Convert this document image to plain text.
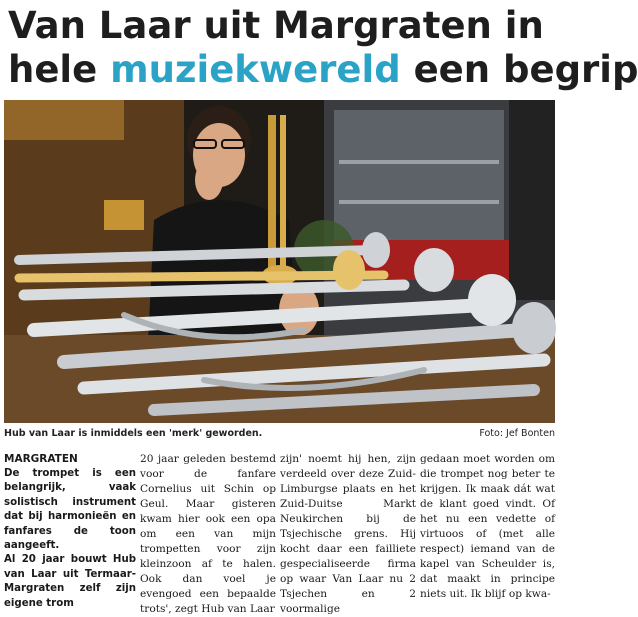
Van Laar uit Margraten in
hele muziekwereld een begrip
Hub van Laar is inmiddels een 'merk' geworden.	Foto: Jef Bonten

MARGRATEN

De trompet is een belangrijk, vaak solistisch instrument dat bij harmonieën en fanfares de toon aangeeft.

Al 20 jaar bouwt Hub van Laar uit Termaar-Margraten zelf zijn eigene trom

20 jaar geleden bestemd voor de fanfare Cornelius uit Schin op Geul. Maar gisteren kwam hier ook een opa om een van mijn trompetten voor zijn kleinzoon af te halen. Ook dan voel je evengoed een bepaalde trots', zegt Hub van Laar

zijn' noemt hij hen, zijn verdeeld over deze Zuid-Limburgse plaats en het Zuid-Duitse Markt Neukirchen bij de Tsjechische grens. Hij kocht daar een failliete gespecialiseerde firma op waar Van Laar nu 2 Tsjechen en 2 voormalige

gedaan moet worden om die trompet nog beter te krijgen. Ik maak dát wat de klant goed vindt. Of het nu een vedette of virtuoos of (met alle respect) iemand van de kapel van Scheulder is, dat maakt in principe niets uit. Ik blijf op kwa-
